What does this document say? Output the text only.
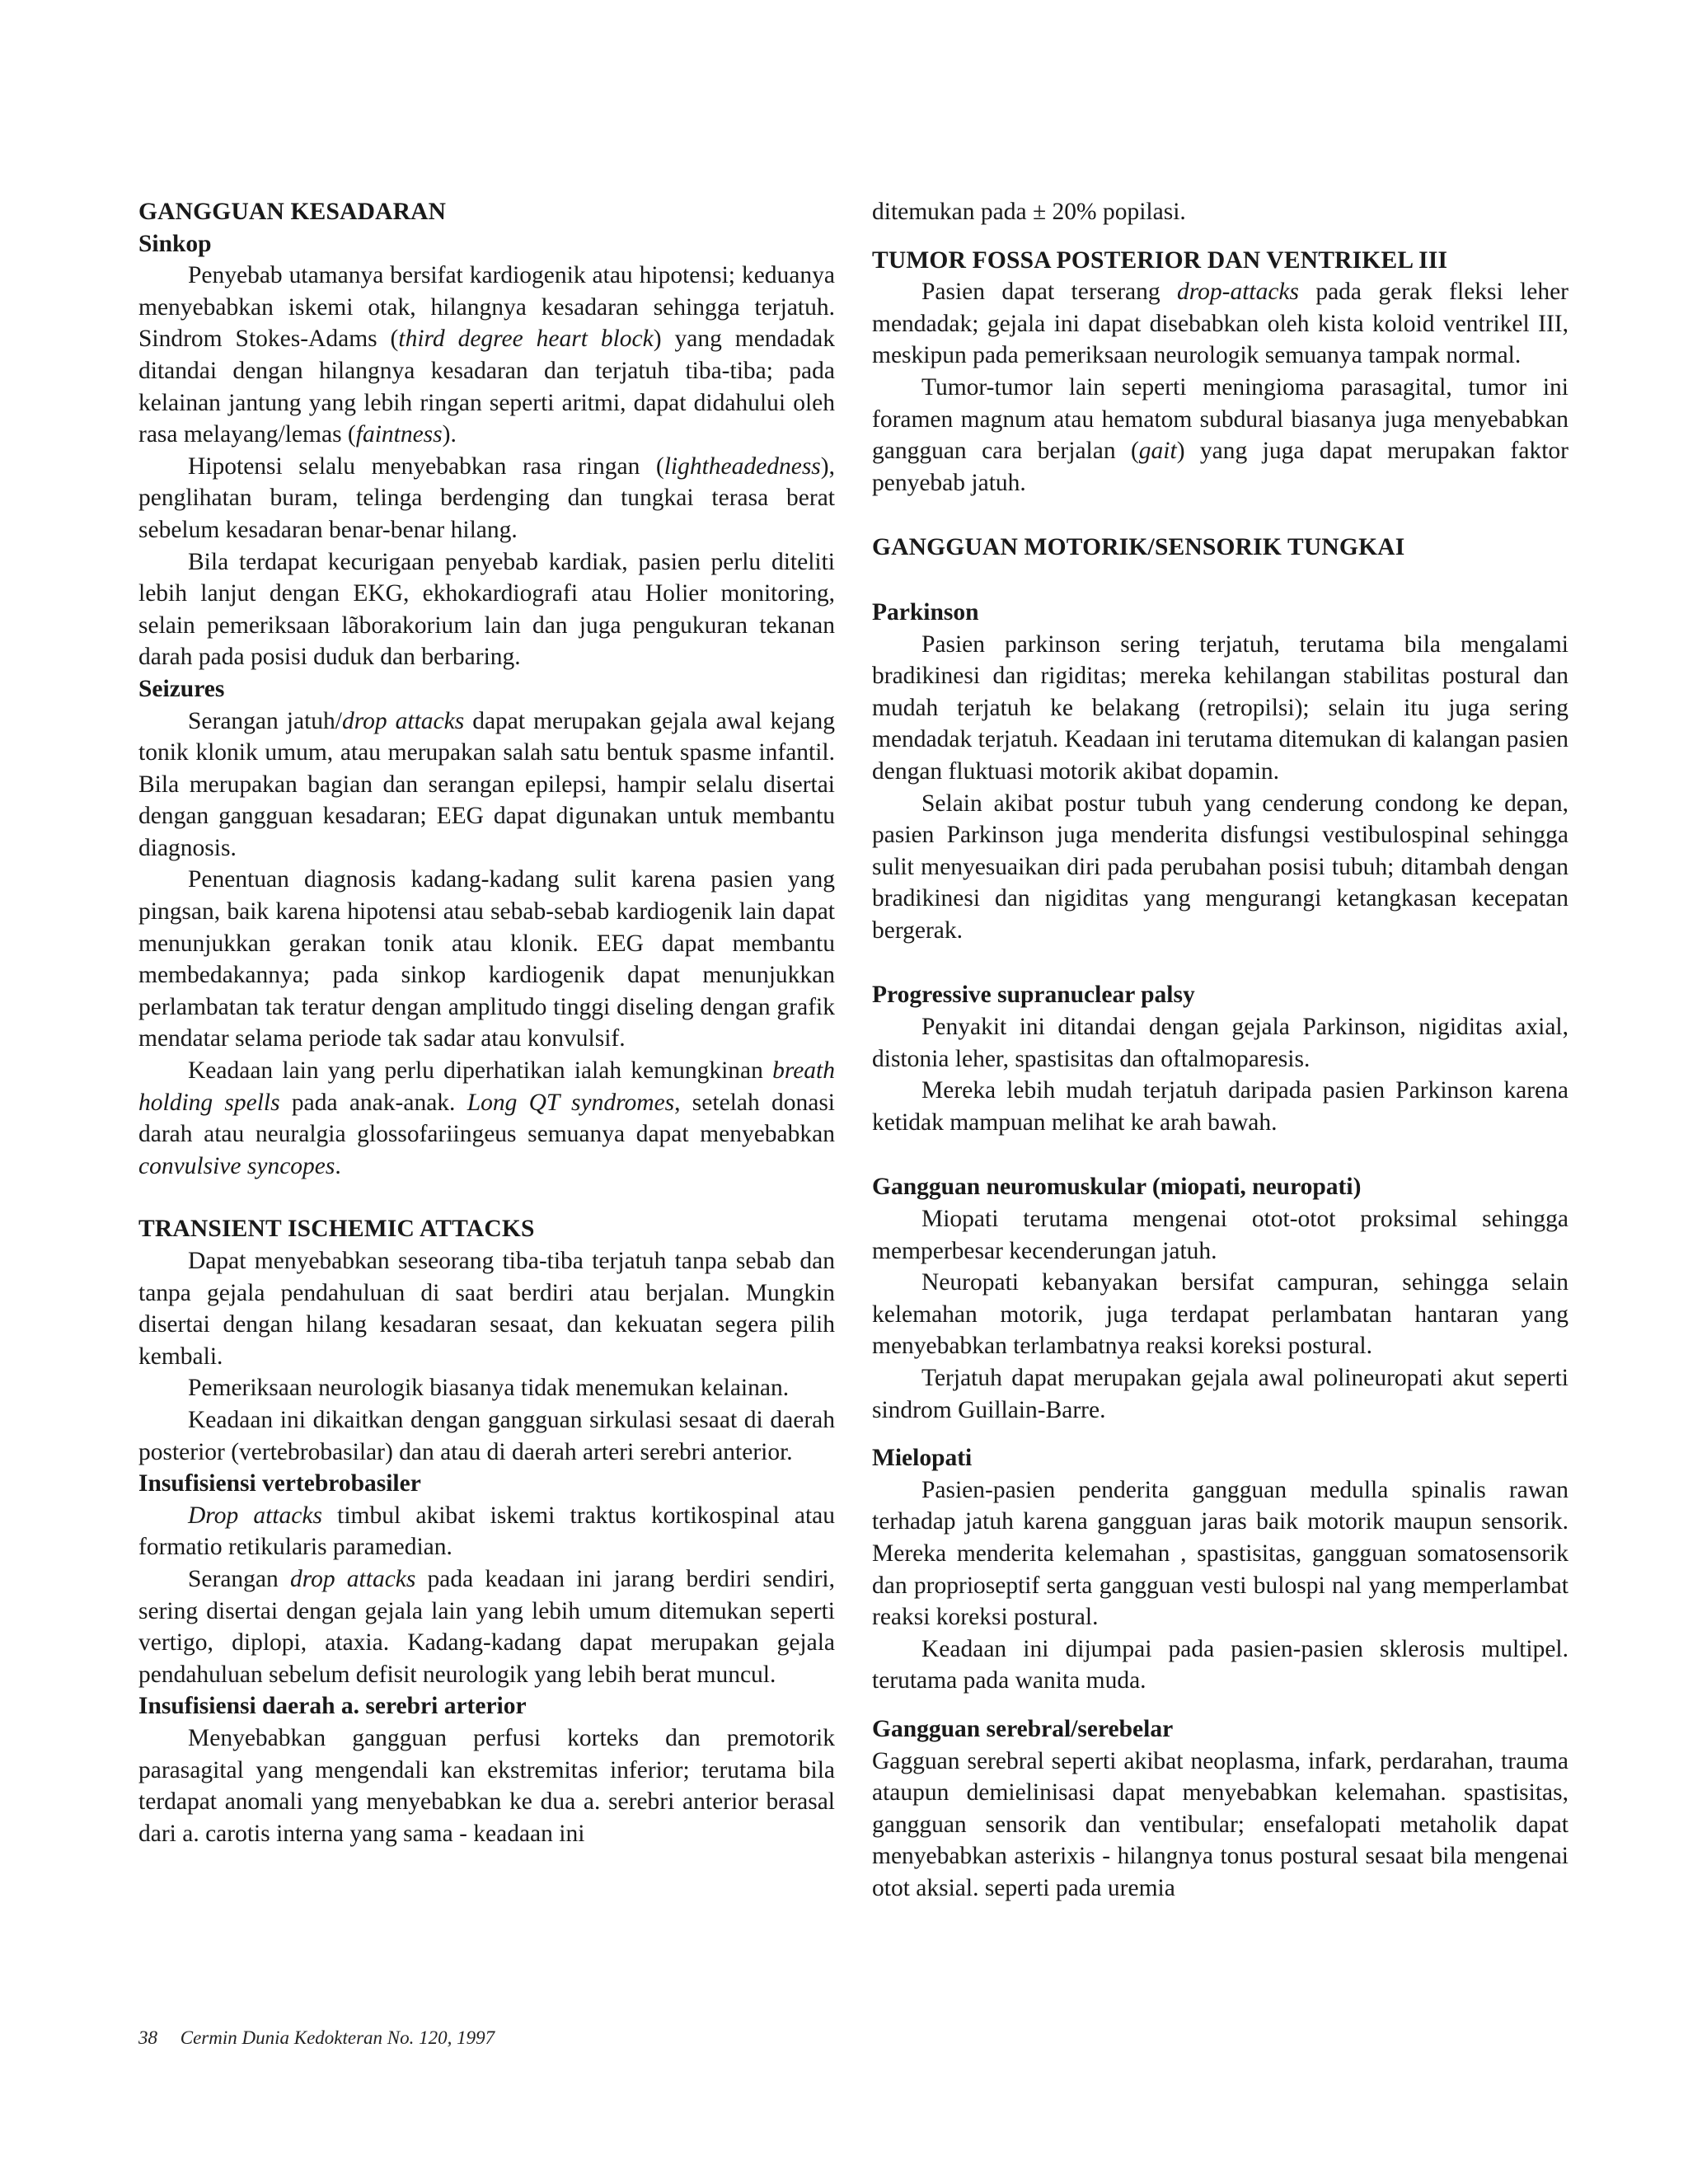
GANGGUAN KESADARAN
Sinkop

Penyebab utamanya bersifat kardiogenik atau hipotensi; keduanya menyebabkan iskemi otak, hilangnya kesadaran sehingga terjatuh. Sindrom Stokes-Adams (third degree heart block) yang mendadak ditandai dengan hilangnya kesadaran dan terjatuh tiba-tiba; pada kelainan jantung yang lebih ringan seperti aritmi, dapat didahului oleh rasa melayang/lemas (faintness).

Hipotensi selalu menyebabkan rasa ringan (lightheadedness), penglihatan buram, telinga berdenging dan tungkai terasa berat sebelum kesadaran benar-benar hilang.

Bila terdapat kecurigaan penyebab kardiak, pasien perlu diteliti lebih lanjut dengan EKG, ekhokardiografi atau Holier monitoring, selain pemeriksaan lãborakorium lain dan juga pengukuran tekanan darah pada posisi duduk dan berbaring.

Seizures

Serangan jatuh/drop attacks dapat merupakan gejala awal kejang tonik klonik umum, atau merupakan salah satu bentuk spasme infantil. Bila merupakan bagian dan serangan epilepsi, hampir selalu disertai dengan gangguan kesadaran; EEG dapat digunakan untuk membantu diagnosis.

Penentuan diagnosis kadang-kadang sulit karena pasien yang pingsan, baik karena hipotensi atau sebab-sebab kardiogenik lain dapat menunjukkan gerakan tonik atau klonik. EEG dapat membantu membedakannya; pada sinkop kardiogenik dapat menunjukkan perlambatan tak teratur dengan amplitudo tinggi diseling dengan grafik mendatar selama periode tak sadar atau konvulsif.

Keadaan lain yang perlu diperhatikan ialah kemungkinan breath holding spells pada anak-anak. Long QT syndromes, setelah donasi darah atau neuralgia glossofariingeus semuanya dapat menyebabkan convulsive syncopes.

TRANSIENT ISCHEMIC ATTACKS

Dapat menyebabkan seseorang tiba-tiba terjatuh tanpa sebab dan tanpa gejala pendahuluan di saat berdiri atau berjalan. Mungkin disertai dengan hilang kesadaran sesaat, dan kekuatan segera pilih kembali.

Pemeriksaan neurologik biasanya tidak menemukan kelainan.

Keadaan ini dikaitkan dengan gangguan sirkulasi sesaat di daerah posterior (vertebrobasilar) dan atau di daerah arteri serebri anterior.

Insufisiensi vertebrobasiler

Drop attacks timbul akibat iskemi traktus kortikospinal atau formatio retikularis paramedian.

Serangan drop attacks pada keadaan ini jarang berdiri sendiri, sering disertai dengan gejala lain yang lebih umum ditemukan seperti vertigo, diplopi, ataxia. Kadang-kadang dapat merupakan gejala pendahuluan sebelum defisit neurologik yang lebih berat muncul.

Insufisiensi daerah a. serebri arterior

Menyebabkan gangguan perfusi korteks dan premotorik parasagital yang mengendali kan ekstremitas inferior; terutama bila terdapat anomali yang menyebabkan ke dua a. serebri anterior berasal dari a. carotis interna yang sama - keadaan ini

ditemukan pada ± 20% popilasi.

TUMOR FOSSA POSTERIOR DAN VENTRIKEL III

Pasien dapat terserang drop-attacks pada gerak fleksi leher mendadak; gejala ini dapat disebabkan oleh kista koloid ventrikel III, meskipun pada pemeriksaan neurologik semuanya tampak normal.

Tumor-tumor lain seperti meningioma parasagital, tumor ini foramen magnum atau hematom subdural biasanya juga menyebabkan gangguan cara berjalan (gait) yang juga dapat merupakan faktor penyebab jatuh.

GANGGUAN MOTORIK/SENSORIK TUNGKAI
Parkinson

Pasien parkinson sering terjatuh, terutama bila mengalami bradikinesi dan rigiditas; mereka kehilangan stabilitas postural dan mudah terjatuh ke belakang (retropilsi); selain itu juga sering mendadak terjatuh. Keadaan ini terutama ditemukan di kalangan pasien dengan fluktuasi motorik akibat dopamin.

Selain akibat postur tubuh yang cenderung condong ke depan, pasien Parkinson juga menderita disfungsi vestibulospinal sehingga sulit menyesuaikan diri pada perubahan posisi tubuh; ditambah dengan bradikinesi dan nigiditas yang mengurangi ketangkasan kecepatan bergerak.

Progressive supranuclear palsy

Penyakit ini ditandai dengan gejala Parkinson, nigiditas axial, distonia leher, spastisitas dan oftalmoparesis.

Mereka lebih mudah terjatuh daripada pasien Parkinson karena ketidak mampuan melihat ke arah bawah.

Gangguan neuromuskular (miopati, neuropati)

Miopati terutama mengenai otot-otot proksimal sehingga memperbesar kecenderungan jatuh.

Neuropati kebanyakan bersifat campuran, sehingga selain kelemahan motorik, juga terdapat perlambatan hantaran yang menyebabkan terlambatnya reaksi koreksi postural.

Terjatuh dapat merupakan gejala awal polineuropati akut seperti sindrom Guillain-Barre.

Mielopati

Pasien-pasien penderita gangguan medulla spinalis rawan terhadap jatuh karena gangguan jaras baik motorik maupun sensorik. Mereka menderita kelemahan , spastisitas, gangguan somatosensorik dan proprioseptif serta gangguan vesti bulospi nal yang memperlambat reaksi koreksi postural.

Keadaan ini dijumpai pada pasien-pasien sklerosis multipel. terutama pada wanita muda.

Gangguan serebral/serebelar

Gagguan serebral seperti akibat neoplasma, infark, perdarahan, trauma ataupun demielinisasi dapat menyebabkan kelemahan. spastisitas, gangguan sensorik dan ventibular; ensefalopati metaholik dapat menyebabkan asterixis - hilangnya tonus postural sesaat bila mengenai otot aksial. seperti pada uremia

38 Cermin Dunia Kedokteran No. 120, 1997
